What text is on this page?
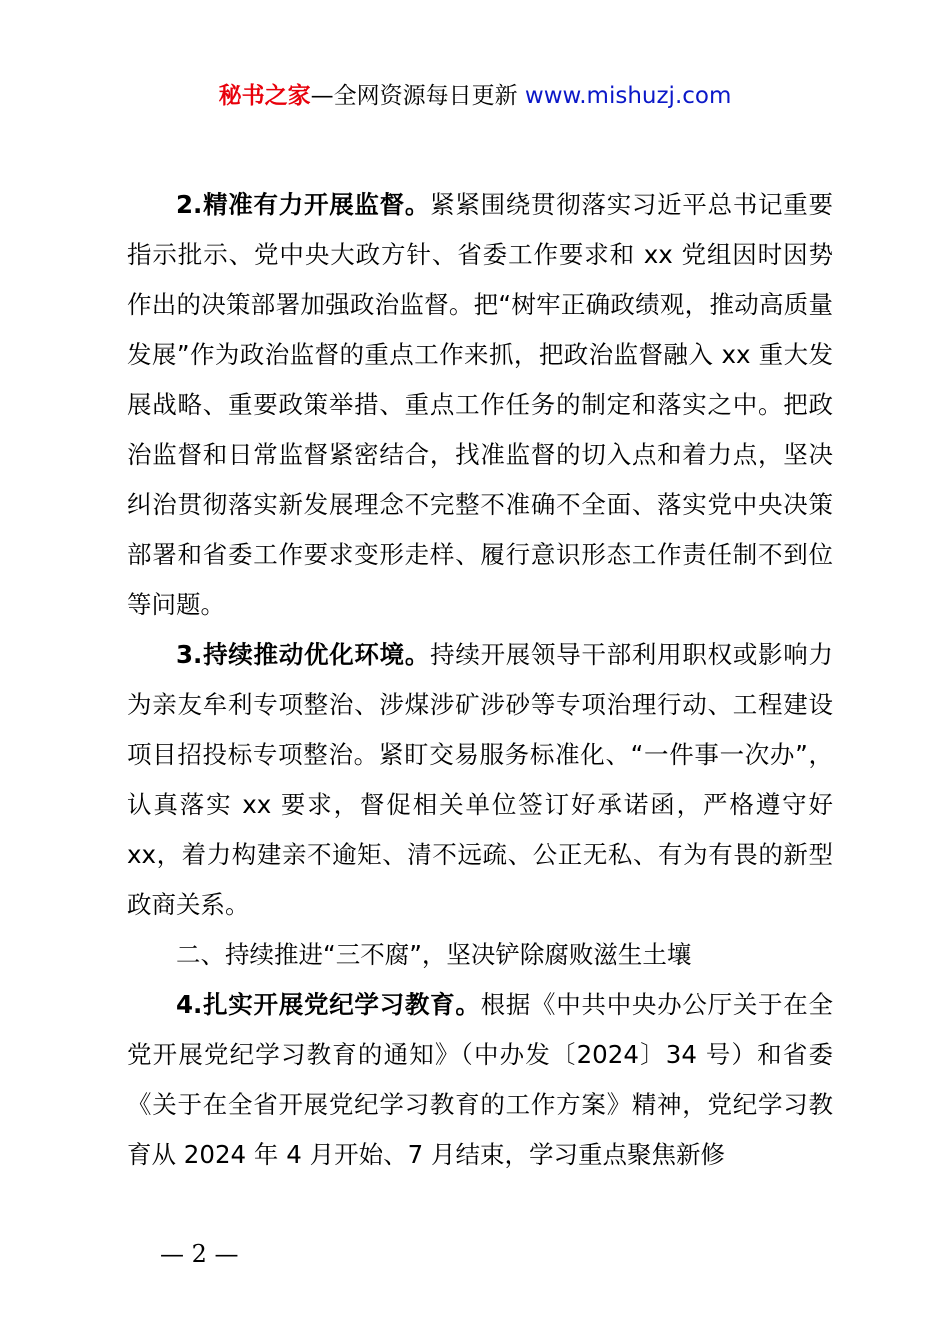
秘书之家—全网资源每日更新 www.mishuzj.com

2.精准有力开展监督。紧紧围绕贯彻落实习近平总书记重要指示批示、党中央大政方针、省委工作要求和 xx 党组因时因势作出的决策部署加强政治监督。把“树牢正确政绩观，推动高质量发展”作为政治监督的重点工作来抓，把政治监督融入 xx 重大发展战略、重要政策举措、重点工作任务的制定和落实之中。把政治监督和日常监督紧密结合，找准监督的切入点和着力点，坚决纠治贯彻落实新发展理念不完整不准确不全面、落实党中央决策部署和省委工作要求变形走样、履行意识形态工作责任制不到位等问题。

3.持续推动优化环境。持续开展领导干部利用职权或影响力为亲友牟利专项整治、涉煤涉矿涉砂等专项治理行动、工程建设项目招投标专项整治。紧盯交易服务标准化、“一件事一次办”，认真落实 xx 要求，督促相关单位签订好承诺函，严格遵守好 xx，着力构建亲不逾矩、清不远疏、公正无私、有为有畏的新型政商关系。

二、持续推进“三不腐”，坚决铲除腐败滋生土壤

4.扎实开展党纪学习教育。根据《中共中央办公厅关于在全党开展党纪学习教育的通知》（中办发〔2024〕34 号）和省委《关于在全省开展党纪学习教育的工作方案》精神，党纪学习教育从 2024 年 4 月开始、7 月结束，学习重点聚焦新修

— 2 —
